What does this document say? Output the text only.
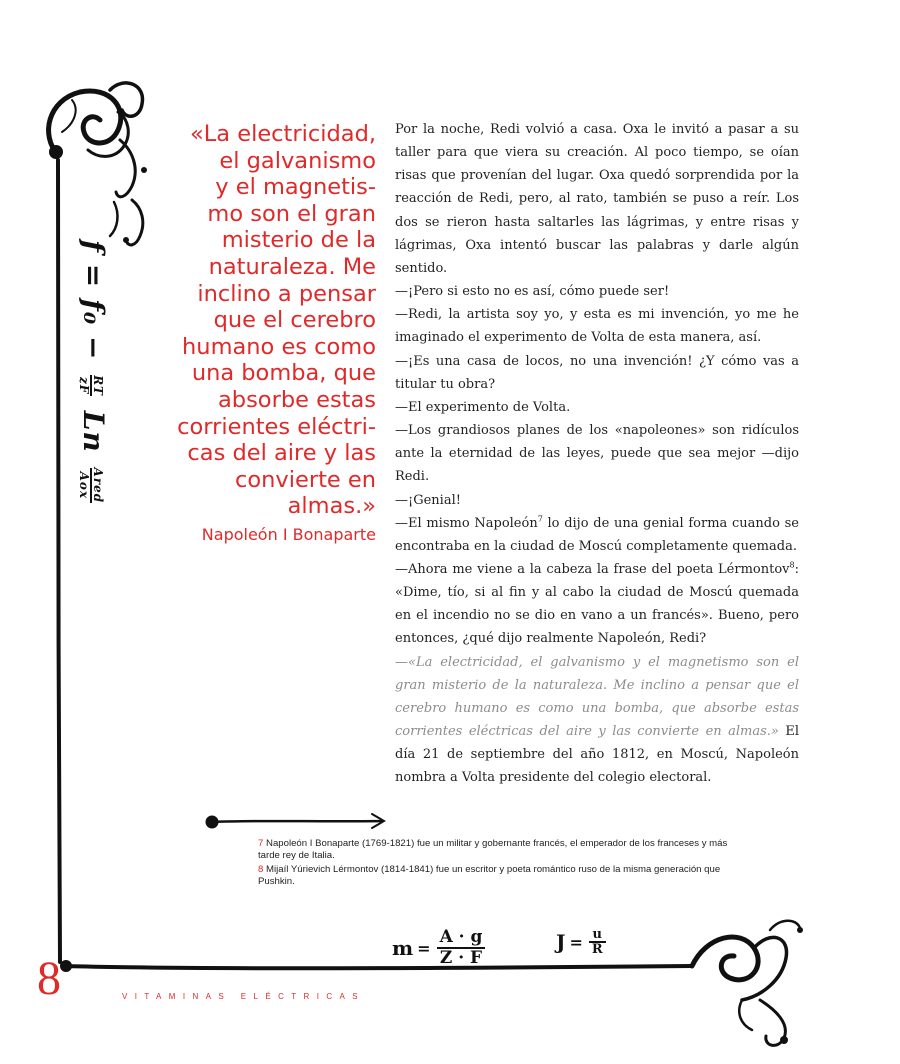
f = f₀ −
RT
zF
Ln
Ared
Aox
«La electricidad,
el galvanismo
y el magnetis-
mo son el gran
misterio de la
naturaleza. Me
inclino a pensar
que el cerebro
humano es como
una bomba, que
absorbe estas
corrientes eléctri-
cas del aire y las
convierte en
almas.»
Napoleón I Bonaparte

Por la noche, Redi volvió a casa. Oxa le invitó a pasar a su taller para que viera su creación. Al poco tiempo, se oían risas que provenían del lugar. Oxa quedó sorprendida por la reacción de Redi, pero, al rato, también se puso a reír. Los dos se rieron hasta saltarles las lágrimas, y entre risas y lágrimas, Oxa intentó buscar las palabras y darle algún sentido.

—¡Pero si esto no es así, cómo puede ser!

—Redi, la artista soy yo, y esta es mi invención, yo me he imaginado el experimento de Volta de esta manera, así.

—¡Es una casa de locos, no una invención! ¿Y cómo vas a titular tu obra?

—El experimento de Volta.

—Los grandiosos planes de los «napoleones» son ridículos ante la eternidad de las leyes, puede que sea mejor —dijo Redi.

—¡Genial!

—El mismo Napoleón$^7$ lo dijo de una genial forma cuando se encontraba en la ciudad de Moscú completamente quemada.

—Ahora me viene a la cabeza la frase del poeta Lérmontov$^8$: «Dime, tío, si al fin y al cabo la ciudad de Moscú quemada en el incendio no se dio en vano a un francés». Bueno, pero entonces, ¿qué dijo realmente Napoleón, Redi?

—«La electricidad, el galvanismo y el magnetismo son el gran misterio de la naturaleza. Me inclino a pensar que el cerebro humano es como una bomba, que absorbe estas corrientes eléctricas del aire y las convierte en almas.» El día 21 de septiembre del año 1812, en Moscú, Napoleón nombra a Volta presidente del colegio electoral.

7 Napoleón I Bonaparte (1769-1821) fue un militar y gobernante francés, el emperador de los franceses y más tarde rey de Italia.

8 Mijaíl Yúrievich Lérmontov (1814-1841) fue un escritor y poeta romántico ruso de la misma generación que Pushkin.

$m = \frac{A \cdot g}{Z \cdot F}$	$J = \frac{u}{R}$
8	VITAMINAS ELÉCTRICAS
